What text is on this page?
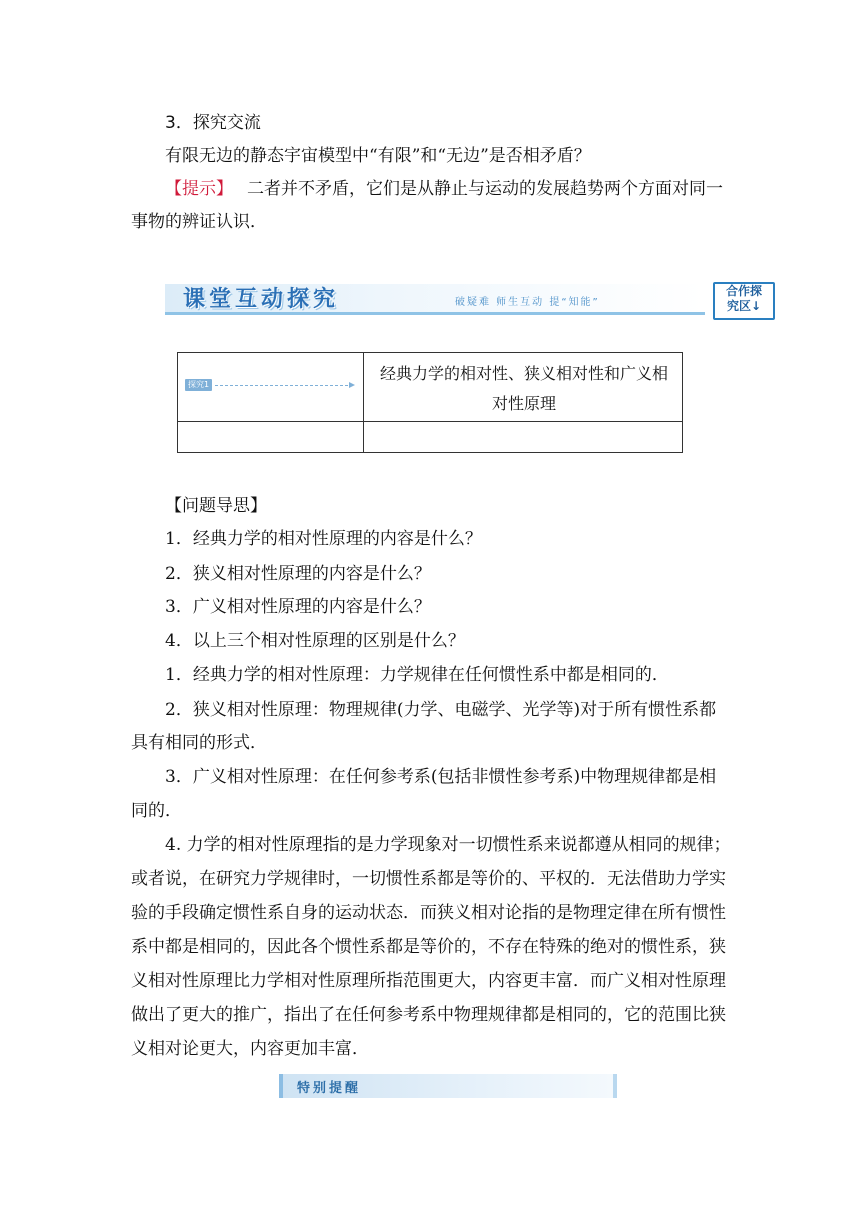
3．探究交流
有限无边的静态宇宙模型中“有限”和“无边”是否相矛盾？
【提示】 二者并不矛盾，它们是从静止与运动的发展趋势两个方面对同一
事物的辨证认识．
课堂互动探究	破疑难 师生互动 提“知能”
合作探
究区↓
探究1
经典力学的相对性、狭义相对性和广义相
对性原理
【问题导思】
1．经典力学的相对性原理的内容是什么？
2．狭义相对性原理的内容是什么？
3．广义相对性原理的内容是什么？
4．以上三个相对性原理的区别是什么？
1．经典力学的相对性原理：力学规律在任何惯性系中都是相同的．
2．狭义相对性原理：物理规律(力学、电磁学、光学等)对于所有惯性系都
具有相同的形式．
3．广义相对性原理：在任何参考系(包括非惯性参考系)中物理规律都是相
同的．
4. 力学的相对性原理指的是力学现象对一切惯性系来说都遵从相同的规律；
或者说，在研究力学规律时，一切惯性系都是等价的、平权的．无法借助力学实
验的手段确定惯性系自身的运动状态．而狭义相对论指的是物理定律在所有惯性
系中都是相同的，因此各个惯性系都是等价的，不存在特殊的绝对的惯性系，狭
义相对性原理比力学相对性原理所指范围更大，内容更丰富．而广义相对性原理
做出了更大的推广，指出了在任何参考系中物理规律都是相同的，它的范围比狭
义相对论更大，内容更加丰富．
特别提醒
